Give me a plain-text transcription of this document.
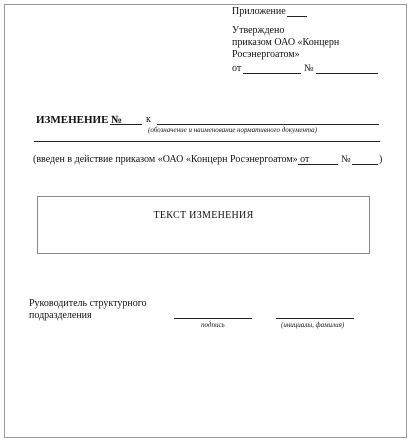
Приложение
Утверждено
приказом ОАО «Концерн
Росэнергоатом»
от	№
ИЗМЕНЕНИЕ № к
(обозначение и наименование нормативного документа)
(введен в действие приказом «ОАО «Концерн Росэнергоатом» от	№	)
ТЕКСТ ИЗМЕНЕНИЯ
Руководитель структурного
подразделения
подпись	(инициалы, фамилия)
